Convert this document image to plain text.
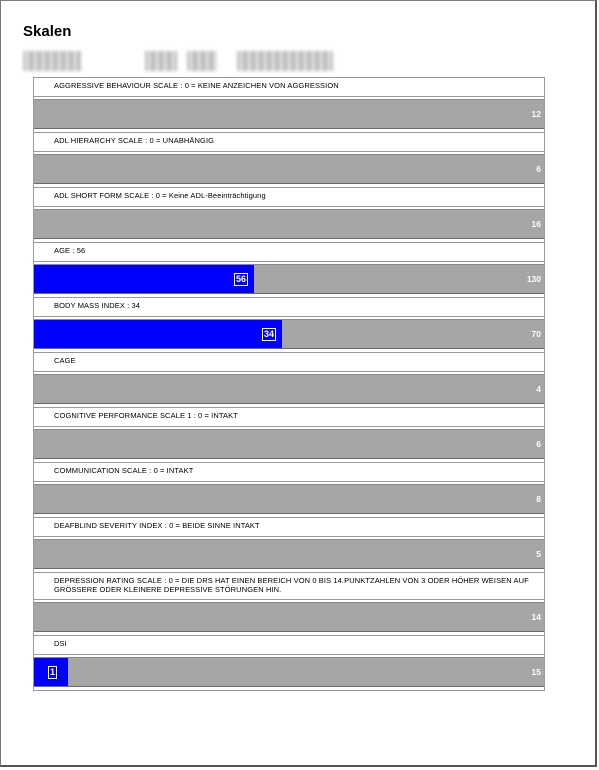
Skalen
AGGRESSIVE BEHAVIOUR SCALE : 0 = KEINE ANZEICHEN VON AGGRESSION
12
ADL HIERARCHY SCALE : 0 = UNABHÄNGIG
6
ADL SHORT FORM SCALE : 0 = Keine ADL-Beeinträchtigung
16
AGE : 56
56	130
BODY MASS INDEX : 34
34	70
CAGE
4
COGNITIVE PERFORMANCE SCALE 1 : 0 = INTAKT
6
COMMUNICATION SCALE : 0 = INTAKT
8
DEAFBLIND SEVERITY INDEX : 0 = BEIDE SINNE INTAKT
5
DEPRESSION RATING SCALE : 0 = DIE DRS HAT EINEN BEREICH VON 0 BIS 14.PUNKTZAHLEN VON 3 ODER HÖHER WEISEN AUF GRÖSSERE ODER KLEINERE DEPRESSIVE STÖRUNGEN HIN.
14
DSI
1	15
